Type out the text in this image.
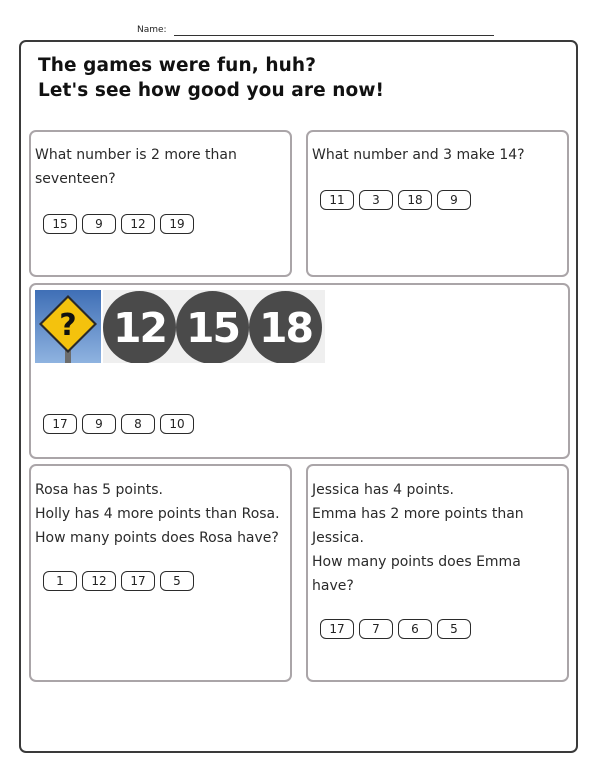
Name:
The games were fun, huh?
Let's see how good you are now!
What number is 2 more than
seventeen?
15	9	12	19
What number and 3 make 14?
11	3	18	9
? 12 15 18
17	9	8	10
Rosa has 5 points.
Holly has 4 more points than Rosa.
How many points does Rosa have?
1	12	17	5
Jessica has 4 points.
Emma has 2 more points than
Jessica.
How many points does Emma
have?
17	7	6	5
